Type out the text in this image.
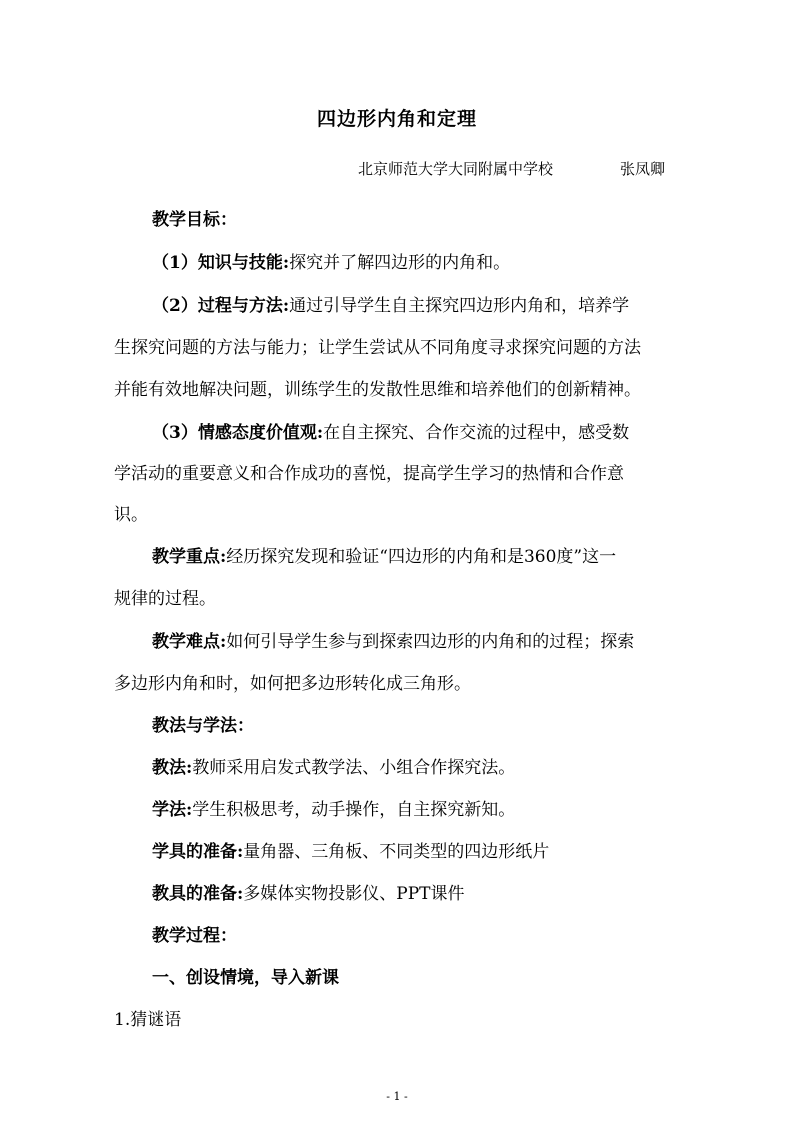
四边形内角和定理
北京师范大学大同附属中学校	张凤卿
教学目标：
（1）知识与技能:探究并了解四边形的内角和。
（2）过程与方法:通过引导学生自主探究四边形内角和，培养学
生探究问题的方法与能力；让学生尝试从不同角度寻求探究问题的方法
并能有效地解决问题，训练学生的发散性思维和培养他们的创新精神。
（3）情感态度价值观:在自主探究、合作交流的过程中，感受数
学活动的重要意义和合作成功的喜悦，提高学生学习的热情和合作意
识。
教学重点:经历探究发现和验证“四边形的内角和是360度”这一
规律的过程。
教学难点:如何引导学生参与到探索四边形的内角和的过程；探索
多边形内角和时，如何把多边形转化成三角形。
教法与学法：
教法:教师采用启发式教学法、小组合作探究法。
学法:学生积极思考，动手操作，自主探究新知。
学具的准备:量角器、三角板、不同类型的四边形纸片
教具的准备:多媒体实物投影仪、PPT课件
教学过程：
一、创设情境，导入新课
1.猜谜语
- 1 -
